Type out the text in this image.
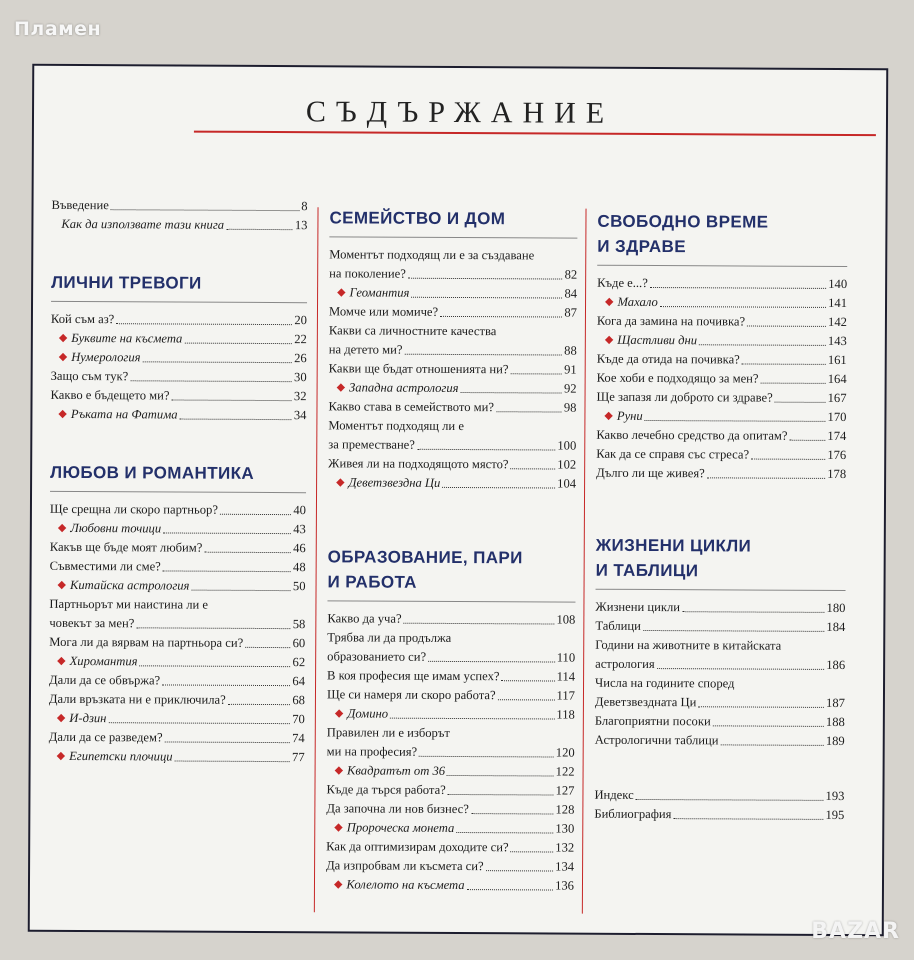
Пламен
СЪДЪРЖАНИЕ
Въведение	8
Как да използвате тази книга	13
ЛИЧНИ ТРЕВОГИ
Кой съм аз?	20
◆ Буквите на късмета	22
◆ Нумерология	26
Защо съм тук?	30
Какво е бъдещето ми?	32
◆ Ръката на Фатима	34
ЛЮБОВ И РОМАНТИКА
Ще срещна ли скоро партньор?	40
◆ Любовни точици	43
Какъв ще бъде моят любим?	46
Съвместими ли сме?	48
◆ Китайска астрология	50
Партньорът ми наистина ли е
човекът за мен?	58
Мога ли да вярвам на партньора си?	60
◆ Хиромантия	62
Дали да се обвържа?	64
Дали връзката ни е приключила?	68
◆ И-дзин	70
Дали да се разведем?	74
◆ Египетски плочици	77
СЕМЕЙСТВО И ДОМ
Моментът подходящ ли е за създаване
на поколение?	82
◆ Геомантия	84
Момче или момиче?	87
Какви са личностните качества
на детето ми?	88
Какви ще бъдат отношенията ни?	91
◆ Западна астрология	92
Какво става в семейството ми?	98
Моментът подходящ ли е
за преместване?	100
Живея ли на подходящото място?	102
◆ Деветзвездна Ци	104
ОБРАЗОВАНИЕ, ПАРИ
И РАБОТА
Какво да уча?	108
Трябва ли да продължа
образованието си?	110
В коя професия ще имам успех?	114
Ще си намеря ли скоро работа?	117
◆ Домино	118
Правилен ли е изборът
ми на професия?	120
◆ Квадратът от 36	122
Къде да търся работа?	127
Да започна ли нов бизнес?	128
◆ Пророческа монета	130
Как да оптимизирам доходите си?	132
Да изпробвам ли късмета си?	134
◆ Колелото на късмета	136
СВОБОДНО ВРЕМЕ
И ЗДРАВЕ
Къде е...?	140
◆ Махало	141
Кога да замина на почивка?	142
◆ Щастливи дни	143
Къде да отида на почивка?	161
Кое хоби е подходящо за мен?	164
Ще запазя ли доброто си здраве?	167
◆ Руни	170
Какво лечебно средство да опитам?	174
Как да се справя със стреса?	176
Дълго ли ще живея?	178
ЖИЗНЕНИ ЦИКЛИ
И ТАБЛИЦИ
Жизнени цикли	180
Таблици	184
Години на животните в китайската
астрология	186
Числа на годините според
Деветзвездната Ци	187
Благоприятни посоки	188
Астрологични таблици	189
Индекс	193
Библиография	195
BAZAR
